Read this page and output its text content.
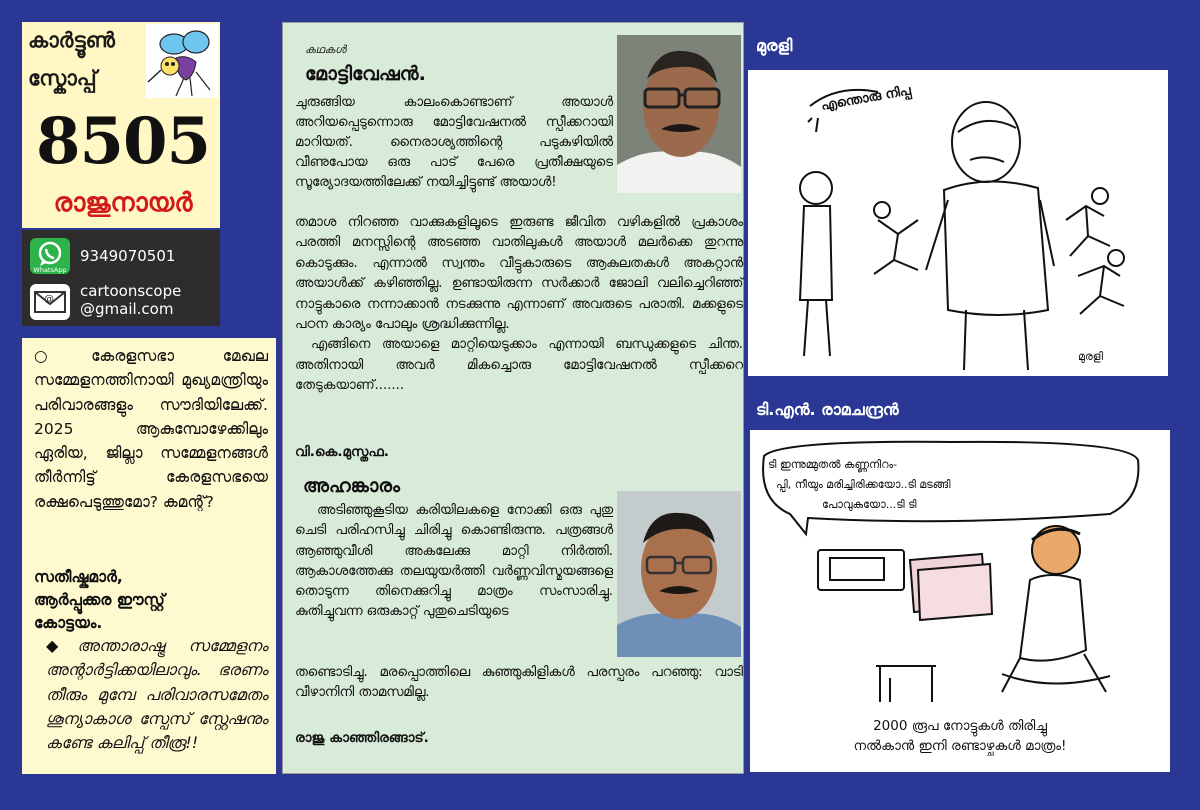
കാർട്ടൂൺ
സ്കോപ്പ്
8505
രാജുനായർ
WhatsApp
9349070501
@ cartoonscope
@gmail.com
○കേരളസഭാ മേഖല സമ്മേളനത്തിനായി മുഖ്യമന്ത്രിയും പരിവാരങ്ങളും സൗദിയിലേക്ക്. 2025 ആകുമ്പോഴേക്കിലും ഏരിയ, ജില്ലാ സമ്മേളനങ്ങൾ തീർന്നിട്ട് കേരളസഭയെ രക്ഷപെടുത്തുമോ? കമന്റ്?
സതീഷ്കുമാർ,
ആർപ്പൂക്കര ഈസ്റ്റ്
കോട്ടയം.
◆അന്താരാഷ്ട്ര സമ്മേളനം അന്റാർട്ടിക്കയിലാവും. ഭരണം തീരും മുമ്പേ പരിവാരസമേതം ശൂന്യാകാശ സ്പേസ് സ്റ്റേഷനും കണ്ടേ കലിപ്പ് തീരൂ!!
കഥകൾ
മോട്ടിവേഷൻ.
ചുരുങ്ങിയ കാലംകൊണ്ടാണ് അയാൾ അറിയപ്പെടുന്നൊരു മോട്ടിവേഷനൽ സ്പീക്കറായി മാറിയത്. നൈരാശ്യത്തിന്റെ പടുകുഴിയിൽ വീണുപോയ ഒരു പാട് പേരെ പ്രതീക്ഷയുടെ സൂര്യോദയത്തിലേക്ക് നയിച്ചിട്ടുണ്ട് അയാൾ!
തമാശ നിറഞ്ഞ വാക്കുകളിലൂടെ ഇരുണ്ട ജീവിത വഴികളിൽ പ്രകാശം പരത്തി മനസ്സിന്റെ അടഞ്ഞ വാതിലുകൾ അയാൾ മലർക്കെ തുറന്നു കൊടുക്കും. എന്നാൽ സ്വന്തം വീട്ടുകാരുടെ ആകുലതകൾ അകറ്റാൻ അയാൾക്ക് കഴിഞ്ഞില്ല. ഉണ്ടായിരുന്ന സർക്കാർ ജോലി വലിച്ചെറിഞ്ഞ് നാട്ടുകാരെ നന്നാക്കാൻ നടക്കുന്നു എന്നാണ് അവരുടെ പരാതി. മക്കളുടെ പഠന കാര്യം പോലും ശ്രദ്ധിക്കുന്നില്ല.
എങ്ങിനെ അയാളെ മാറ്റിയെടുക്കാം എന്നായി ബന്ധുക്കളുടെ ചിന്ത. അതിനായി അവർ മികച്ചൊരു മോട്ടിവേഷനൽ സ്പീക്കറെ തേടുകയാണ്.......
വി.കെ.മുസ്തഫ.
അഹങ്കാരം
അടിഞ്ഞുകൂടിയ കരിയിലകളെ നോക്കി ഒരു പുതു ചെടി പരിഹസിച്ചു ചിരിച്ചു കൊണ്ടിരുന്നു. പത്രങ്ങൾ ആഞ്ഞുവീശി അകലേക്കു മാറ്റി നിർത്തി. ആകാശത്തേക്കു തലയുയർത്തി വർണ്ണവിസ്മയങ്ങളെ തൊടുന്ന തിനെക്കുറിച്ചു മാത്രം സംസാരിച്ചു. കുതിച്ചുവന്ന ഒരുകാറ്റ് പുതുചെടിയുടെ
തണ്ടൊടിച്ചു. മരപ്പൊത്തിലെ കുഞ്ഞുകിളികൾ പരസ്പരം പറഞ്ഞു: വാടി വീഴാനിനി താമസമില്ല.
രാജു കാഞ്ഞിരങ്ങാട്.
മുരളി
എന്തൊരു നിപ്പ
മുരളി
ടി.എൻ. രാമചന്ദ്രൻ
ടി ഇന്നുമ്മുതൽ കണ്ണനിറം-
പ്പി, നീയും മരിച്ചിരിക്കയോ..ടി മടങ്ങി
പോവുകയോ...ടി ടി
2000 രൂപ നോട്ടുകൾ തിരിച്ചു
നൽകാൻ ഇനി രണ്ടാഴ്ചകൾ മാത്രം!
